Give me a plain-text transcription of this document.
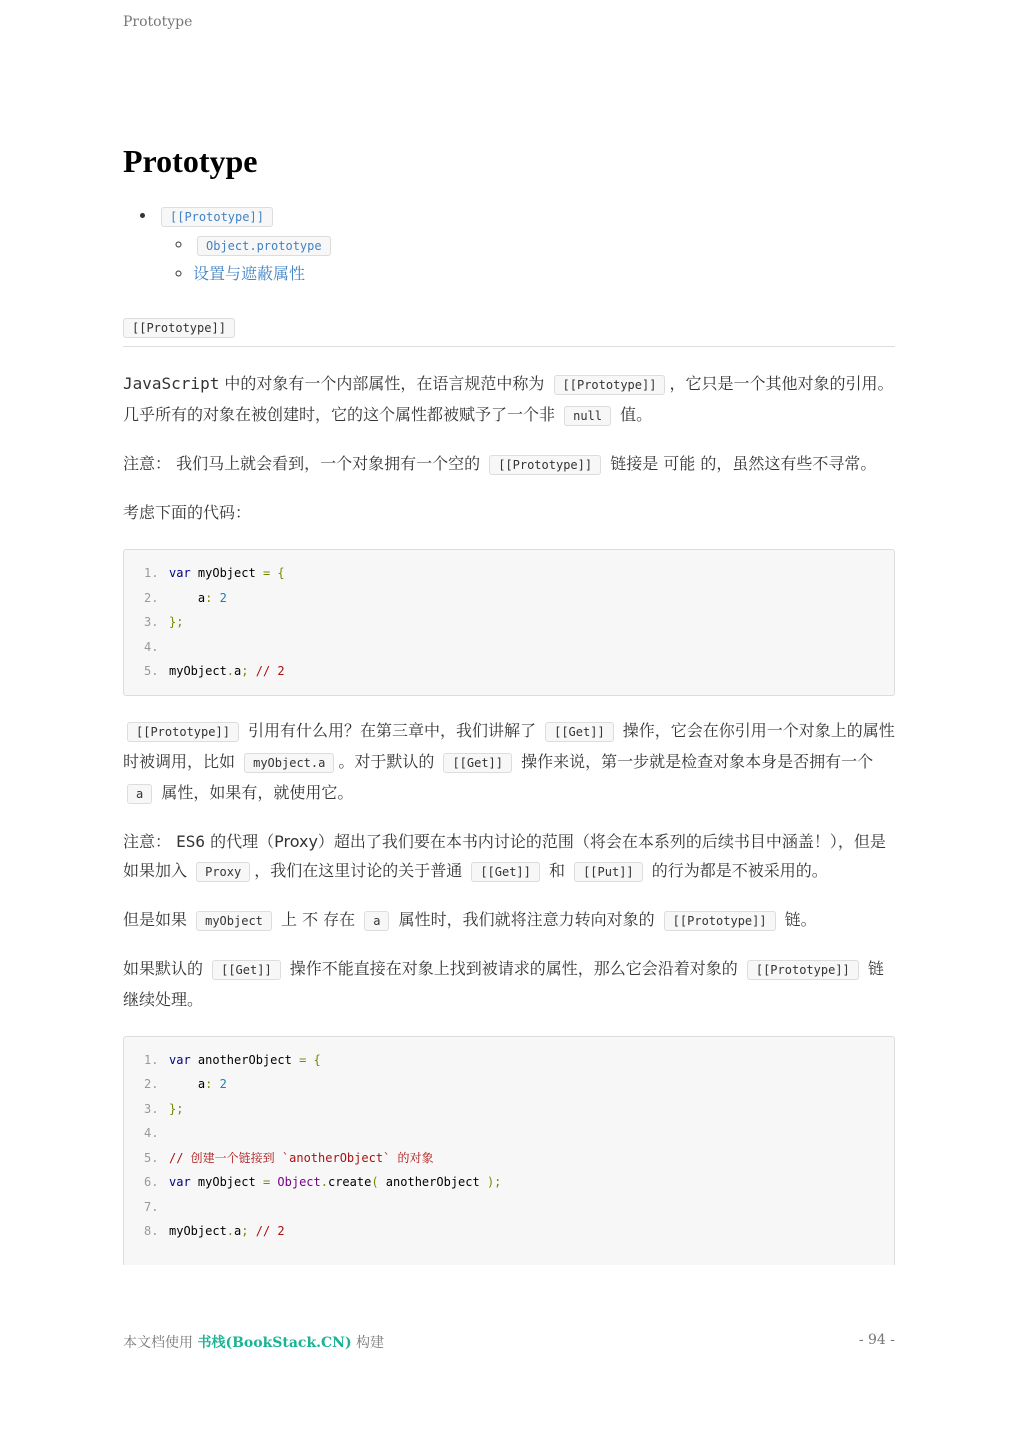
Prototype
Prototype
• [[Prototype]]
◦ Object.prototype
◦ 设置与遮蔽属性
[[Prototype]]

JavaScript 中的对象有一个内部属性，在语言规范中称为 [[Prototype]] ，它只是一个其他对象的引用。几乎所有的对象在被创建时，它的这个属性都被赋予了一个非 null 值。

注意： 我们马上就会看到，一个对象拥有一个空的 [[Prototype]] 链接是 可能 的，虽然这有些不寻常。

考虑下面的代码：

1. var myObject = {
2.    a: 2
3. };
4.
5. myObject.a; // 2

[[Prototype]] 引用有什么用？在第三章中，我们讲解了 [[Get]] 操作，它会在你引用一个对象上的属性时被调用，比如 myObject.a 。对于默认的 [[Get]] 操作来说，第一步就是检查对象本身是否拥有一个 a 属性，如果有，就使用它。

注意： ES6 的代理（Proxy）超出了我们要在本书内讨论的范围（将会在本系列的后续书目中涵盖！），但是如果加入 Proxy ，我们在这里讨论的关于普通 [[Get]] 和 [[Put]] 的行为都是不被采用的。

但是如果 myObject 上 不 存在 a 属性时，我们就将注意力转向对象的 [[Prototype]] 链。

如果默认的 [[Get]] 操作不能直接在对象上找到被请求的属性，那么它会沿着对象的 [[Prototype]] 链 继续处理。

1. var anotherObject = {
2.    a: 2
3. };
4.
5. // 创建一个链接到 `anotherObject` 的对象
6. var myObject = Object.create( anotherObject );
7.
8. myObject.a; // 2
本文档使用 书栈(BookStack.CN) 构建	- 94 -
